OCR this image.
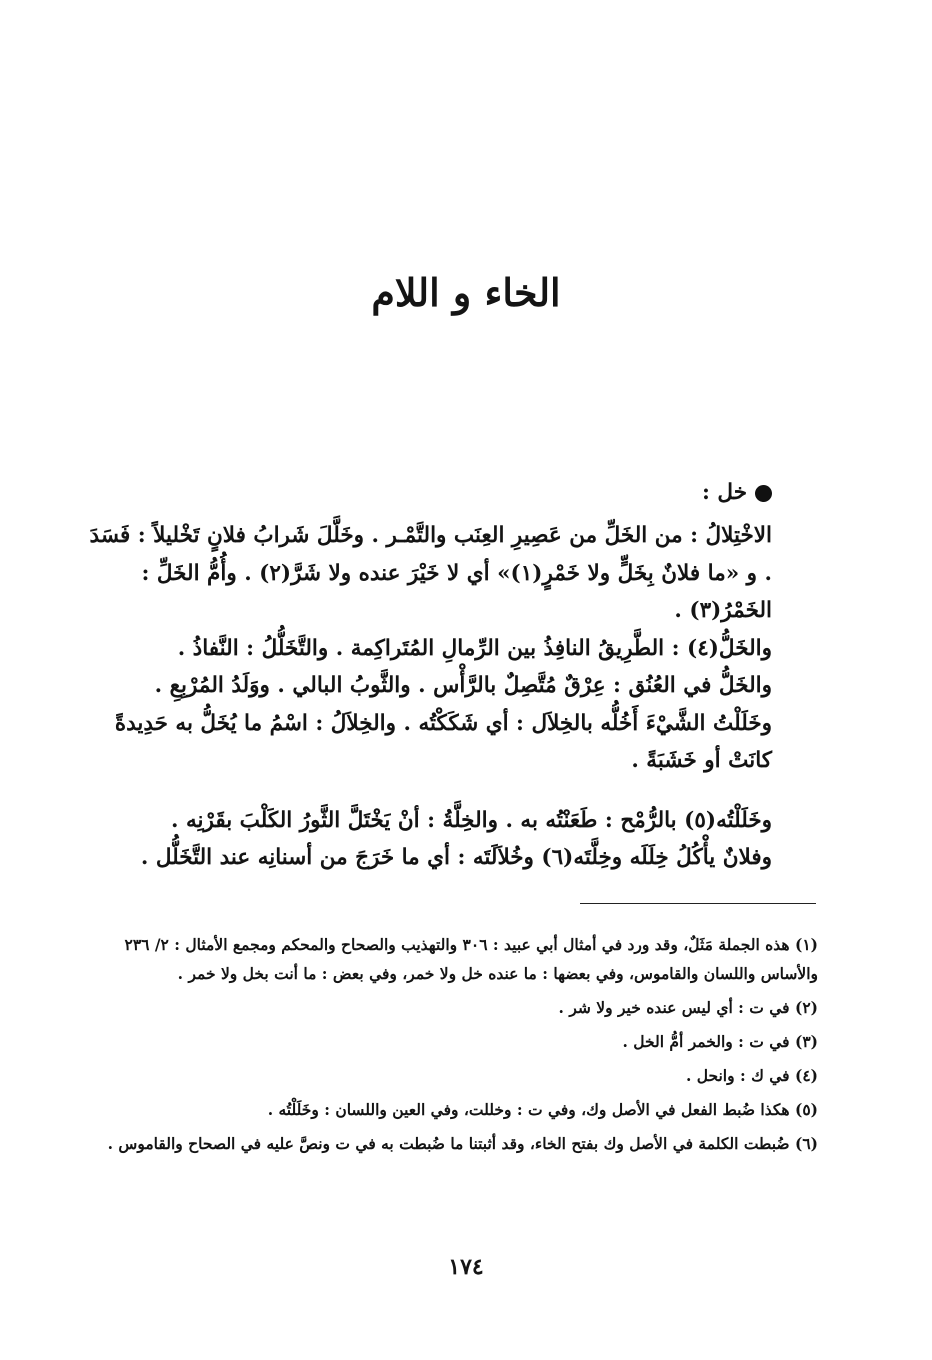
الخاء و اللام
خل :

الاخْتِلالُ : من الخَلِّ من عَصِيرِ العِنَب والتَّمْـر . وخَلَّلَ شَرابُ فلانٍ تَخْليلاً : فَسَدَ . و «ما فلانٌ بِخَلٍّ ولا خَمْرٍ(١)» أي لا خَيْرَ عنده ولا شَرَّ(٢) . وأُمُّ الخَلِّ : الخَمْرُ(٣) .

والخَلُّ(٤) : الطَّرِيقُ النافِذُ بين الرِّمالِ المُتَراكِمة . والتَّخَلُّلُ : النَّفاذُ .

والخَلُّ في العُنُق : عِرْقٌ مُتَّصِلٌ بالرَّأْس . والثَّوبُ البالي . ووَلَدُ المُرْبِعِ .

وخَلَلْتُ الشَّيْءَ أَخُلُّه بالخِلاَل : أي شَكَكْتُه . والخِلاَلُ : اسْمُ ما يُخَلُّ به حَدِيدةً كانَتْ أو خَشَبَةً .

وخَلَلْتُه(٥) بالرُّمْح : طَعَنْتُه به . والخِلَّةُ : أنْ يَخْتَلَّ الثَّورُ الكَلْبَ بقَرْنِه .

وفلانٌ يأْكُلُ خِلَلَه وخِلَّتَه(٦) وخُلاَلَتَه : أي ما خَرَجَ من أسنانِه عند التَّخَلُّل .

(١) هذه الجملة مَثَلٌ، وقد ورد في أمثال أبي عبيد : ٣٠٦ والتهذيب والصحاح والمحكم ومجمع الأمثال : ٢/ ٢٣٦ والأساس واللسان والقاموس، وفي بعضها : ما عنده خل ولا خمر، وفي بعض : ما أنت بخل ولا خمر .

(٢) في ت : أي ليس عنده خير ولا شر .

(٣) في ت : والخمر أمُّ الخل .

(٤) في ك : وانحل .

(٥) هكذا ضُبط الفعل في الأصل وك، وفي ت : وخللت، وفي العين واللسان : وخَلَلْتُه .

(٦) ضُبطت الكلمة في الأصل وك بفتح الخاء، وقد أثبتنا ما ضُبطت به في ت ونصَّ عليه في الصحاح والقاموس .

١٧٤
